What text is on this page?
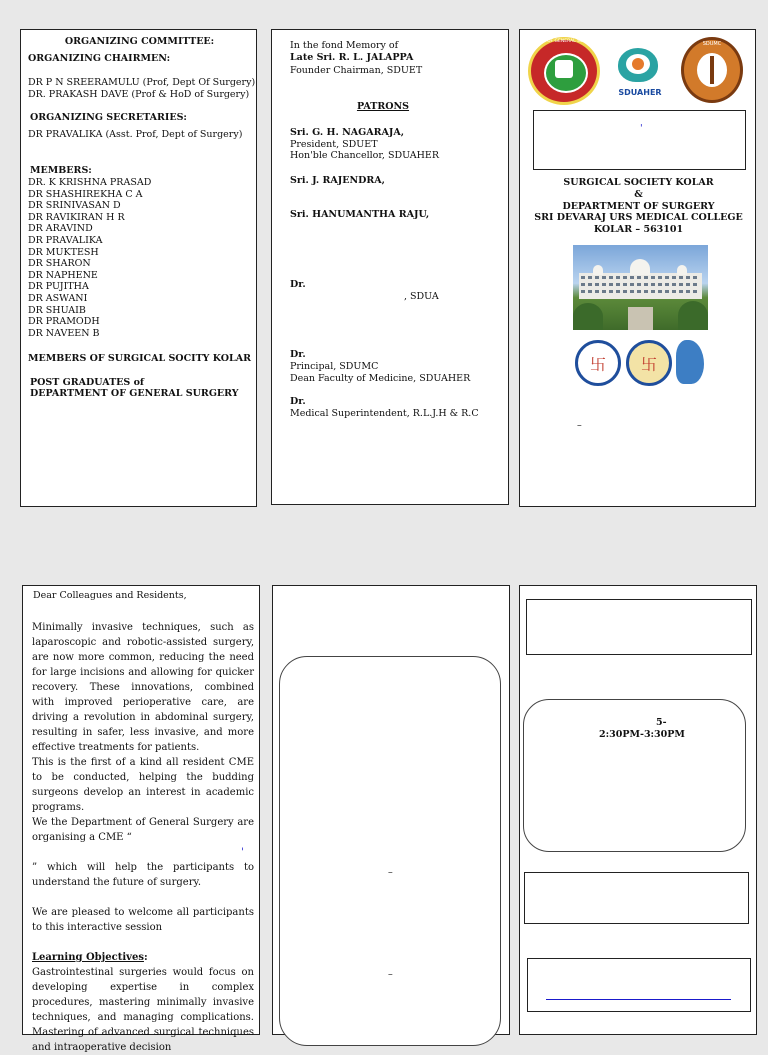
ORGANIZING COMMITTEE:
ORGANIZING CHAIRMEN:
DR P N SREERAMULU (Prof, Dept Of Surgery)
DR. PRAKASH DAVE (Prof & HoD of Surgery)
ORGANIZING SECRETARIES:
DR PRAVALIKA (Asst. Prof, Dept of Surgery)
MEMBERS:
DR. K KRISHNA PRASAD
DR SHASHIREKHA C A
DR SRINIVASAN D
DR RAVIKIRAN H R
DR ARAVIND
DR PRAVALIKA
DR MUKTESH
DR SHARON
DR NAPHENE
DR PUJITHA
DR ASWANI
DR SHUAIB
DR PRAMODH
DR NAVEEN B
MEMBERS OF SURGICAL SOCITY KOLAR
POST GRADUATES of
DEPARTMENT OF GENERAL SURGERY
In the fond Memory of
Late Sri. R. L. JALAPPA
Founder Chairman, SDUET
PATRONS
Sri. G. H. NAGARAJA,
President, SDUET
Hon'ble Chancellor, SDUAHER
Sri. J. RAJENDRA,
Sri. HANUMANTHA RAJU,
Dr.
, SDUA
Dr.
Principal, SDUMC
Dean Faculty of Medicine, SDUAHER
Dr.
Medical Superintendent, R.L.J.H & R.C
DEPT OF GENERAL SURGERY
SDUAHER
SDUMC
'
SURGICAL SOCIETY KOLAR
&
DEPARTMENT OF SURGERY
SRI DEVARAJ URS MEDICAL COLLEGE
KOLAR – 563101
卐 卐
–
Dear Colleagues and Residents,

Minimally invasive techniques, such as laparoscopic and robotic-assisted surgery, are now more common, reducing the need for large incisions and allowing for quicker recovery. These innovations, combined with improved perioperative care, are driving a revolution in abdominal surgery, resulting in safer, less invasive, and more effective treatments for patients.

This is the first of a kind all resident CME to be conducted, helping the budding surgeons develop an interest in academic programs.

We the Department of General Surgery are organising a CME “

'

” which will help the participants to understand the future of surgery.

We are pleased to welcome all participants to this interactive session

Learning Objectives:

Gastrointestinal surgeries would focus on developing expertise in complex procedures, mastering minimally invasive techniques, and managing complications. Mastering of advanced surgical techniques and intraoperative decision

–
–
5-
2:30PM-3:30PM
